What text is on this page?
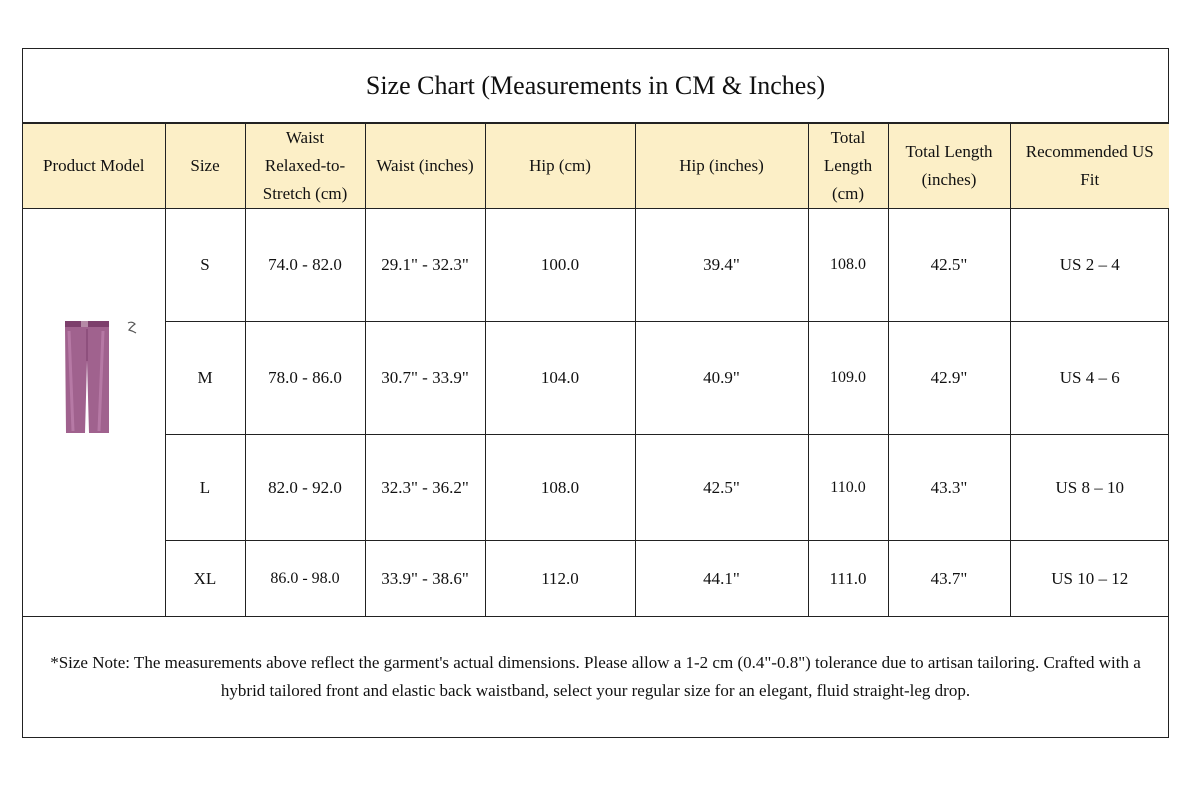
Size Chart (Measurements in CM & Inches)
Product Model	Size	Waist Relaxed-to-Stretch (cm)	Waist (inches)	Hip (cm)	Hip (inches)	Total Length (cm)	Total Length (inches)	Recommended US Fit

	S	74.0 - 82.0	29.1" - 32.3"	100.0	39.4"	108.0	42.5"	US 2 – 4
	M	78.0 - 86.0	30.7" - 33.9"	104.0	40.9"	109.0	42.9"	US 4 – 6
	L	82.0 - 92.0	32.3" - 36.2"	108.0	42.5"	110.0	43.3"	US 8 – 10
	XL	86.0 - 98.0	33.9" - 38.6"	112.0	44.1"	111.0	43.7"	US 10 – 12
*Size Note: The measurements above reflect the garment's actual dimensions. Please allow a 1-2 cm (0.4"-0.8") tolerance due to artisan tailoring. Crafted with a hybrid tailored front and elastic back waistband, select your regular size for an elegant, fluid straight-leg drop.
